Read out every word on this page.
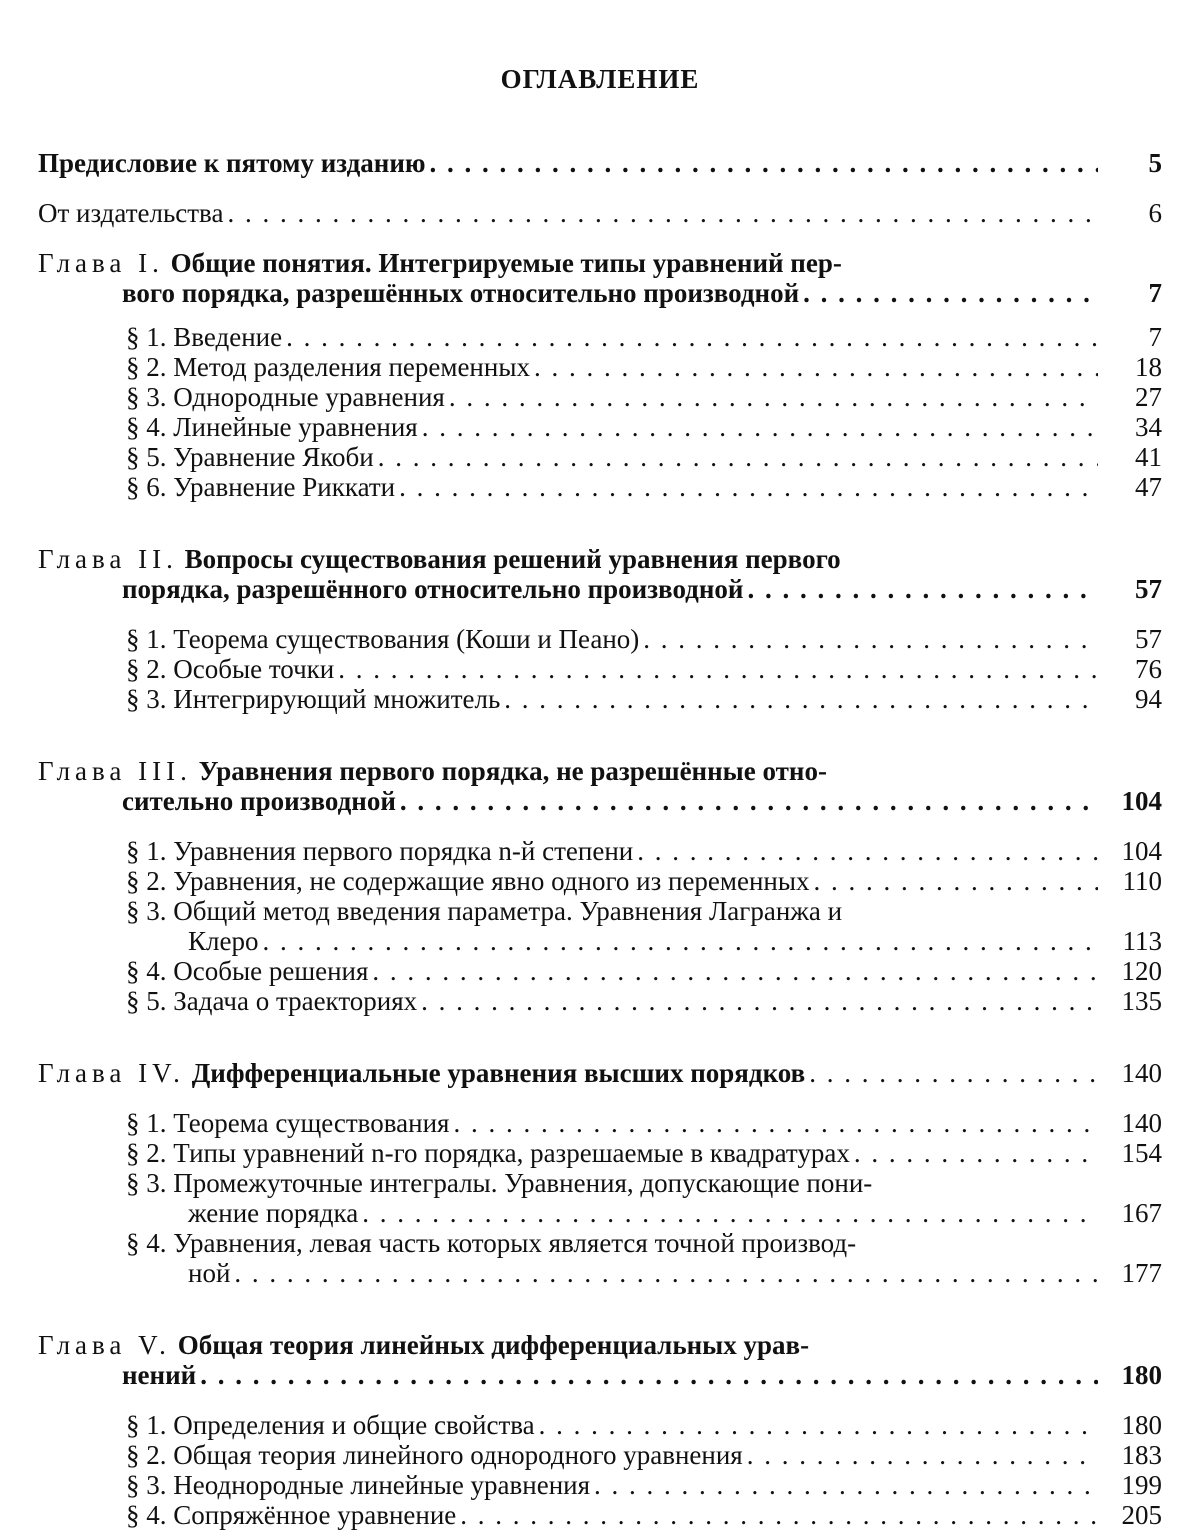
ОГЛАВЛЕНИЕ
Предисловие к пятому изданию
. . .	5
От издательства
. . .	6
Глава I. Общие понятия. Интегрируемые типы уравнений пер-
вого порядка, разрешённых относительно производной
. . .	7
§ 1. Введение
. . .	7
§ 2. Метод разделения переменных
. . .	18
§ 3. Однородные уравнения
. . .	27
§ 4. Линейные уравнения
. . .	34
§ 5. Уравнение Якоби
. . .	41
§ 6. Уравнение Риккати
. . .	47
Глава II. Вопросы существования решений уравнения первого
порядка, разрешённого относительно производной
. . .	57
§ 1. Теорема существования (Коши и Пеано)
. . .	57
§ 2. Особые точки
. . .	76
§ 3. Интегрирующий множитель
. . .	94
Глава III. Уравнения первого порядка, не разрешённые отно-
сительно производной
. . .	104
§ 1. Уравнения первого порядка n-й степени
. . .	104
§ 2. Уравнения, не содержащие явно одного из переменных
. . .	110
§ 3. Общий метод введения параметра. Уравнения Лагранжа и
Клеро
. . .	113
§ 4. Особые решения
. . .	120
§ 5. Задача о траекториях
. . .	135
Глава IV. Дифференциальные уравнения высших порядков
. . .	140
§ 1. Теорема существования
. . .	140
§ 2. Типы уравнений n-го порядка, разрешаемые в квадратурах
. . .	154
§ 3. Промежуточные интегралы. Уравнения, допускающие пони-
жение порядка
. . .	167
§ 4. Уравнения, левая часть которых является точной производ-
ной
. . .	177
Глава V. Общая теория линейных дифференциальных урав-
нений
. . .	180
§ 1. Определения и общие свойства
. . .	180
§ 2. Общая теория линейного однородного уравнения
. . .	183
§ 3. Неоднородные линейные уравнения
. . .	199
§ 4. Сопряжённое уравнение
. . .	205
